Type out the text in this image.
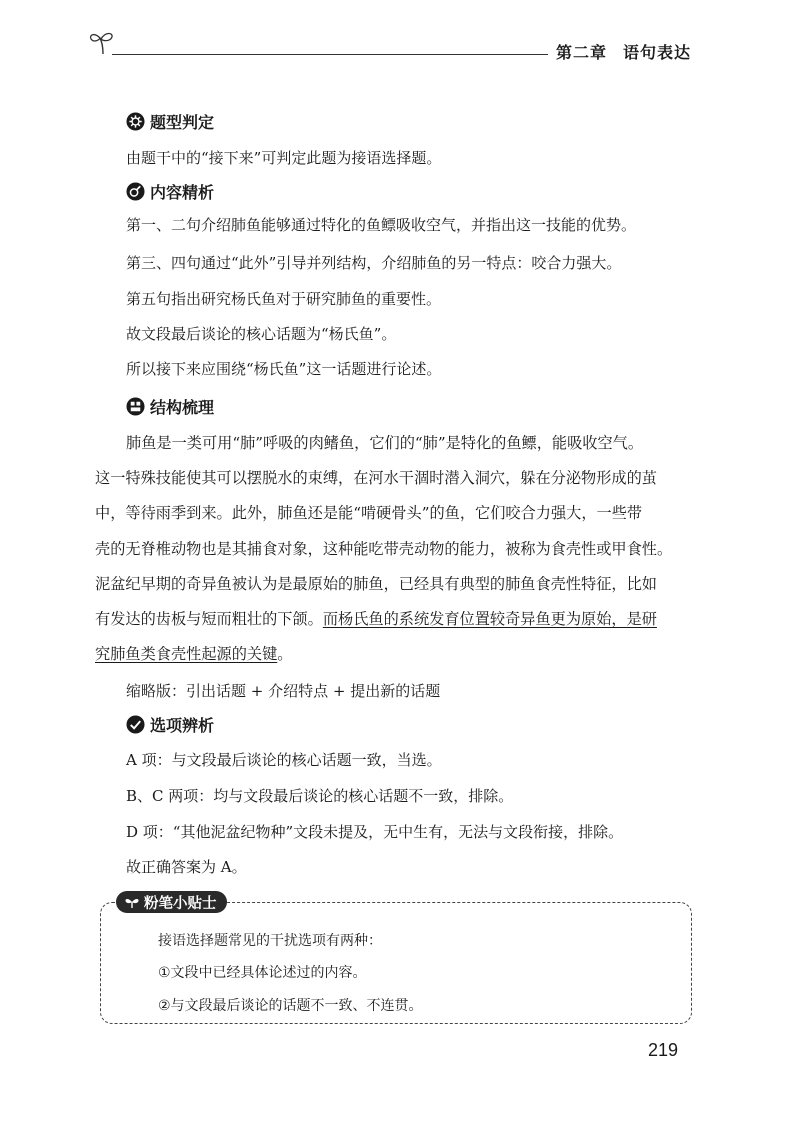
第二章 语句表达
题型判定
由题干中的“接下来”可判定此题为接语选择题。
内容精析
第一、二句介绍肺鱼能够通过特化的鱼鳔吸收空气，并指出这一技能的优势。
第三、四句通过“此外”引导并列结构，介绍肺鱼的另一特点：咬合力强大。
第五句指出研究杨氏鱼对于研究肺鱼的重要性。
故文段最后谈论的核心话题为“杨氏鱼”。
所以接下来应围绕“杨氏鱼”这一话题进行论述。
结构梳理
肺鱼是一类可用“肺”呼吸的肉鳍鱼，它们的“肺”是特化的鱼鳔，能吸收空气。
这一特殊技能使其可以摆脱水的束缚，在河水干涸时潜入洞穴，躲在分泌物形成的茧
中，等待雨季到来。此外，肺鱼还是能“啃硬骨头”的鱼，它们咬合力强大，一些带
壳的无脊椎动物也是其捕食对象，这种能吃带壳动物的能力，被称为食壳性或甲食性。
泥盆纪早期的奇异鱼被认为是最原始的肺鱼，已经具有典型的肺鱼食壳性特征，比如
有发达的齿板与短而粗壮的下颌。而杨氏鱼的系统发育位置较奇异鱼更为原始，是研
究肺鱼类食壳性起源的关键。
缩略版：引出话题 + 介绍特点 + 提出新的话题
选项辨析
A 项：与文段最后谈论的核心话题一致，当选。
B、C 两项：均与文段最后谈论的核心话题不一致，排除。
D 项：“其他泥盆纪物种”文段未提及，无中生有，无法与文段衔接，排除。
故正确答案为 A。
粉笔小贴士
接语选择题常见的干扰选项有两种：
①文段中已经具体论述过的内容。
②与文段最后谈论的话题不一致、不连贯。
219
